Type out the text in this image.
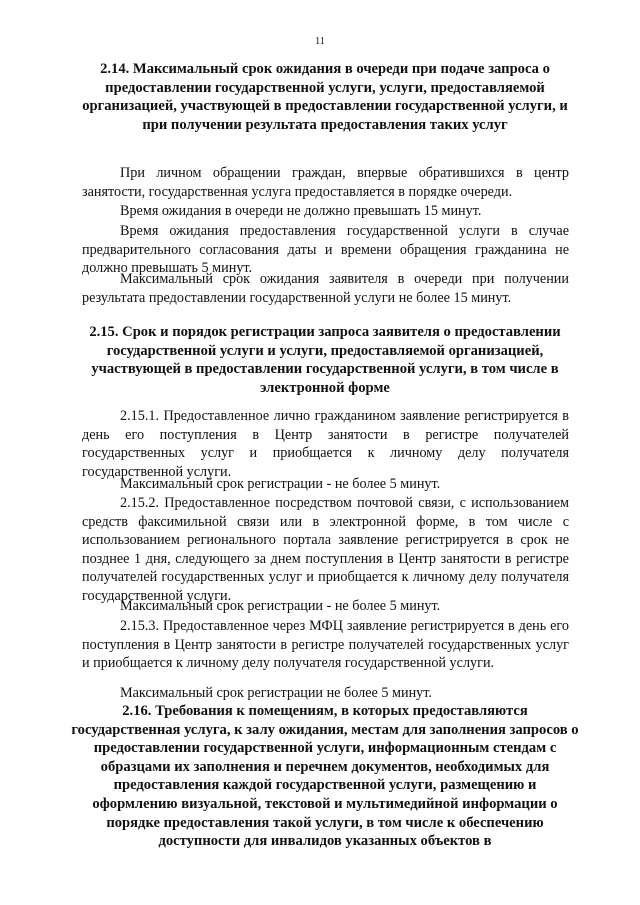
11
2.14. Максимальный срок ожидания в очереди при подаче запроса о предоставлении государственной услуги, услуги, предоставляемой организацией, участвующей в предоставлении государственной услуги, и при получении результата предоставления таких услуг
При личном обращении граждан, впервые обратившихся в центр занятости, государственная услуга предоставляется в порядке очереди.
Время ожидания в очереди не должно превышать 15 минут.
Время ожидания предоставления государственной услуги в случае предварительного согласования даты и времени обращения гражданина не должно превышать 5 минут.
Максимальный срок ожидания заявителя в очереди при получении результата предоставлении государственной услуги не более 15 минут.
2.15. Срок и порядок регистрации запроса заявителя о предоставлении государственной услуги и услуги, предоставляемой организацией, участвующей в предоставлении государственной услуги, в том числе в электронной форме
2.15.1. Предоставленное лично гражданином заявление регистрируется в день его поступления в Центр занятости в регистре получателей государственных услуг и приобщается к личному делу получателя государственной услуги.
Максимальный срок регистрации - не более 5 минут.
2.15.2. Предоставленное посредством почтовой связи, с использованием средств факсимильной связи или в электронной форме, в том числе с использованием регионального портала заявление регистрируется в срок не позднее 1 дня, следующего за днем поступления в Центр занятости в регистре получателей государственных услуг и приобщается к личному делу получателя государственной услуги.
Максимальный срок регистрации - не более 5 минут.
2.15.3. Предоставленное через МФЦ заявление регистрируется в день его поступления в Центр занятости в регистре получателей государственных услуг и приобщается к личному делу получателя государственной услуги.
Максимальный срок регистрации не более 5 минут.
2.16. Требования к помещениям, в которых предоставляются государственная услуга, к залу ожидания, местам для заполнения запросов о предоставлении государственной услуги, информационным стендам с образцами их заполнения и перечнем документов, необходимых для предоставления каждой государственной услуги, размещению и оформлению визуальной, текстовой и мультимедийной информации о порядке предоставления такой услуги, в том числе к обеспечению доступности для инвалидов указанных объектов в
